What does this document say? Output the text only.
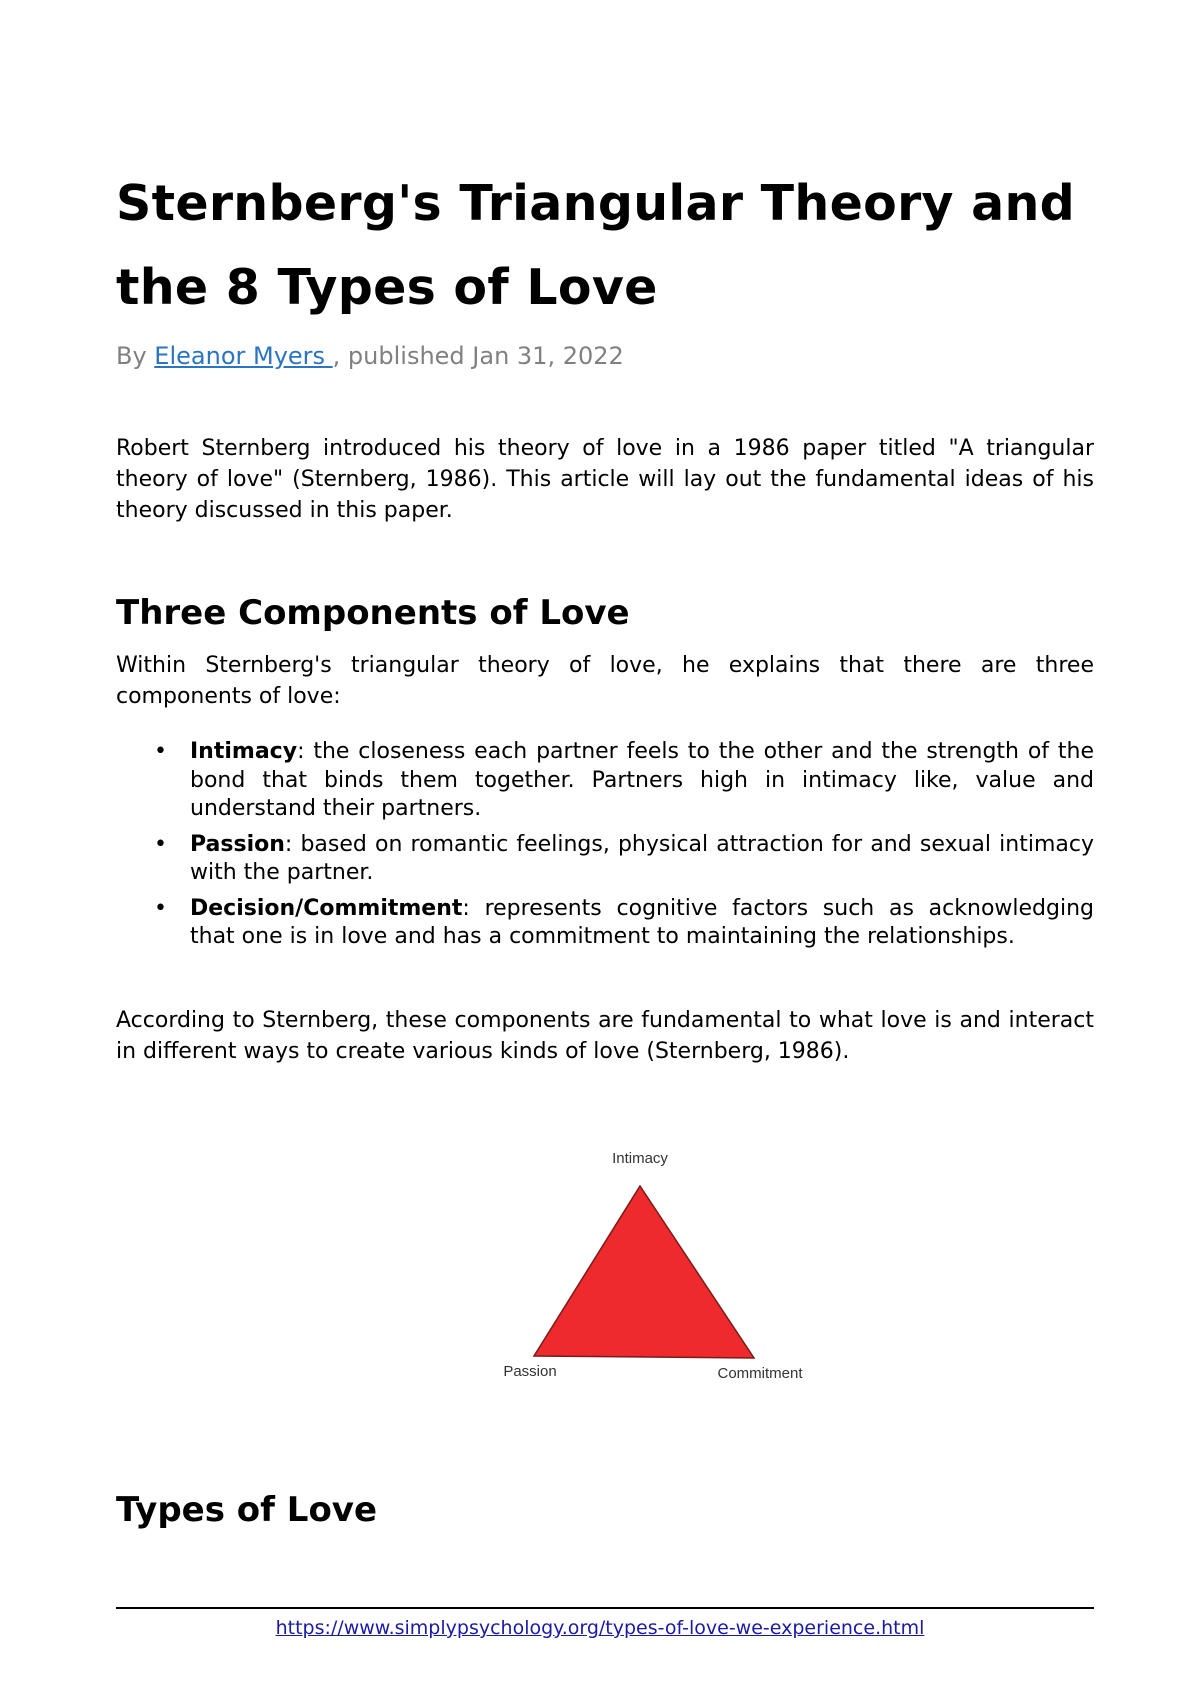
Sternberg's Triangular Theory and the 8 Types of Love

By Eleanor Myers , published Jan 31, 2022

Robert Sternberg introduced his theory of love in a 1986 paper titled "A triangular theory of love" (Sternberg, 1986). This article will lay out the fundamental ideas of his theory discussed in this paper.

Three Components of Love

Within Sternberg's triangular theory of love, he explains that there are three components of love:

• Intimacy: the closeness each partner feels to the other and the strength of the bond that binds them together. Partners high in intimacy like, value and understand their partners.
• Passion: based on romantic feelings, physical attraction for and sexual intimacy with the partner.
• Decision/Commitment: represents cognitive factors such as acknowledging that one is in love and has a commitment to maintaining the relationships.

According to Sternberg, these components are fundamental to what love is and interact in different ways to create various kinds of love (Sternberg, 1986).

Intimacy
Passion	Commitment
Types of Love
https://www.simplypsychology.org/types-of-love-we-experience.html
